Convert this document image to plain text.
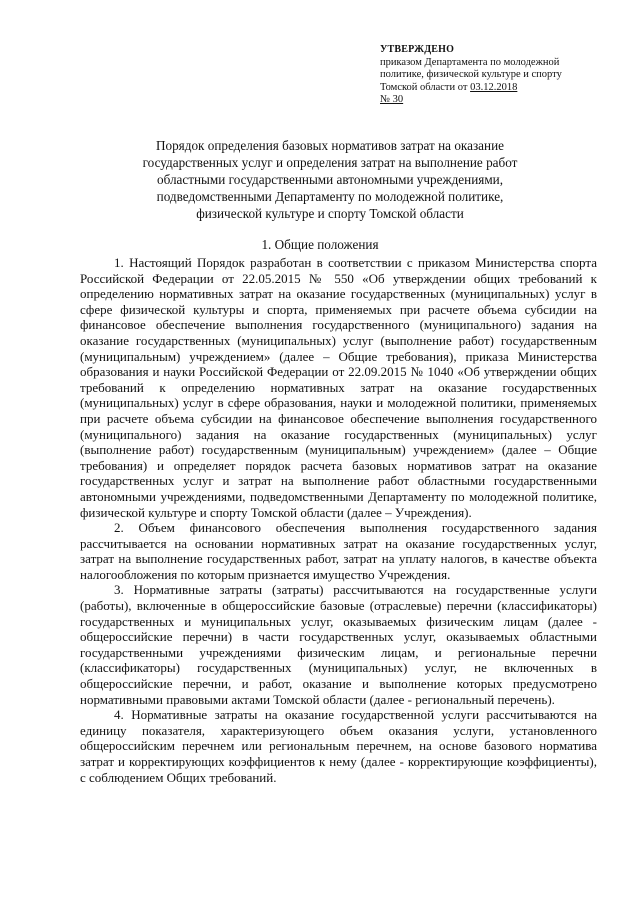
УТВЕРЖДЕНО
приказом Департамента по молодежной
политике, физической культуре и спорту
Томской области от 03.12.2018
№ 30
Порядок определения базовых нормативов затрат на оказание
государственных услуг и определения затрат на выполнение работ
областными государственными автономными учреждениями,
подведомственными Департаменту по молодежной политике,
физической культуре и спорту Томской области
1. Общие положения

1. Настоящий Порядок разработан в соответствии с приказом Министерства спорта Российской Федерации от 22.05.2015 № 550 «Об утверждении общих требований к определению нормативных затрат на оказание государственных (муниципальных) услуг в сфере физической культуры и спорта, применяемых при расчете объема субсидии на финансовое обеспечение выполнения государственного (муниципального) задания на оказание государственных (муниципальных) услуг (выполнение работ) государственным (муниципальным) учреждением» (далее – Общие требования), приказа Министерства образования и науки Российской Федерации от 22.09.2015 № 1040 «Об утверждении общих требований к определению нормативных затрат на оказание государственных (муниципальных) услуг в сфере образования, науки и молодежной политики, применяемых при расчете объема субсидии на финансовое обеспечение выполнения государственного (муниципального) задания на оказание государственных (муниципальных) услуг (выполнение работ) государственным (муниципальным) учреждением» (далее – Общие требования) и определяет порядок расчета базовых нормативов затрат на оказание государственных услуг и затрат на выполнение работ областными государственными автономными учреждениями, подведомственными Департаменту по молодежной политике, физической культуре и спорту Томской области (далее – Учреждения).

2. Объем финансового обеспечения выполнения государственного задания рассчитывается на основании нормативных затрат на оказание государственных услуг, затрат на выполнение государственных работ, затрат на уплату налогов, в качестве объекта налогообложения по которым признается имущество Учреждения.

3. Нормативные затраты (затраты) рассчитываются на государственные услуги (работы), включенные в общероссийские базовые (отраслевые) перечни (классификаторы) государственных и муниципальных услуг, оказываемых физическим лицам (далее - общероссийские перечни) в части государственных услуг, оказываемых областными государственными учреждениями физическим лицам, и региональные перечни (классификаторы) государственных (муниципальных) услуг, не включенных в общероссийские перечни, и работ, оказание и выполнение которых предусмотрено нормативными правовыми актами Томской области (далее - региональный перечень).

4. Нормативные затраты на оказание государственной услуги рассчитываются на единицу показателя, характеризующего объем оказания услуги, установленного общероссийским перечнем или региональным перечнем, на основе базового норматива затрат и корректирующих коэффициентов к нему (далее - корректирующие коэффициенты), с соблюдением Общих требований.
